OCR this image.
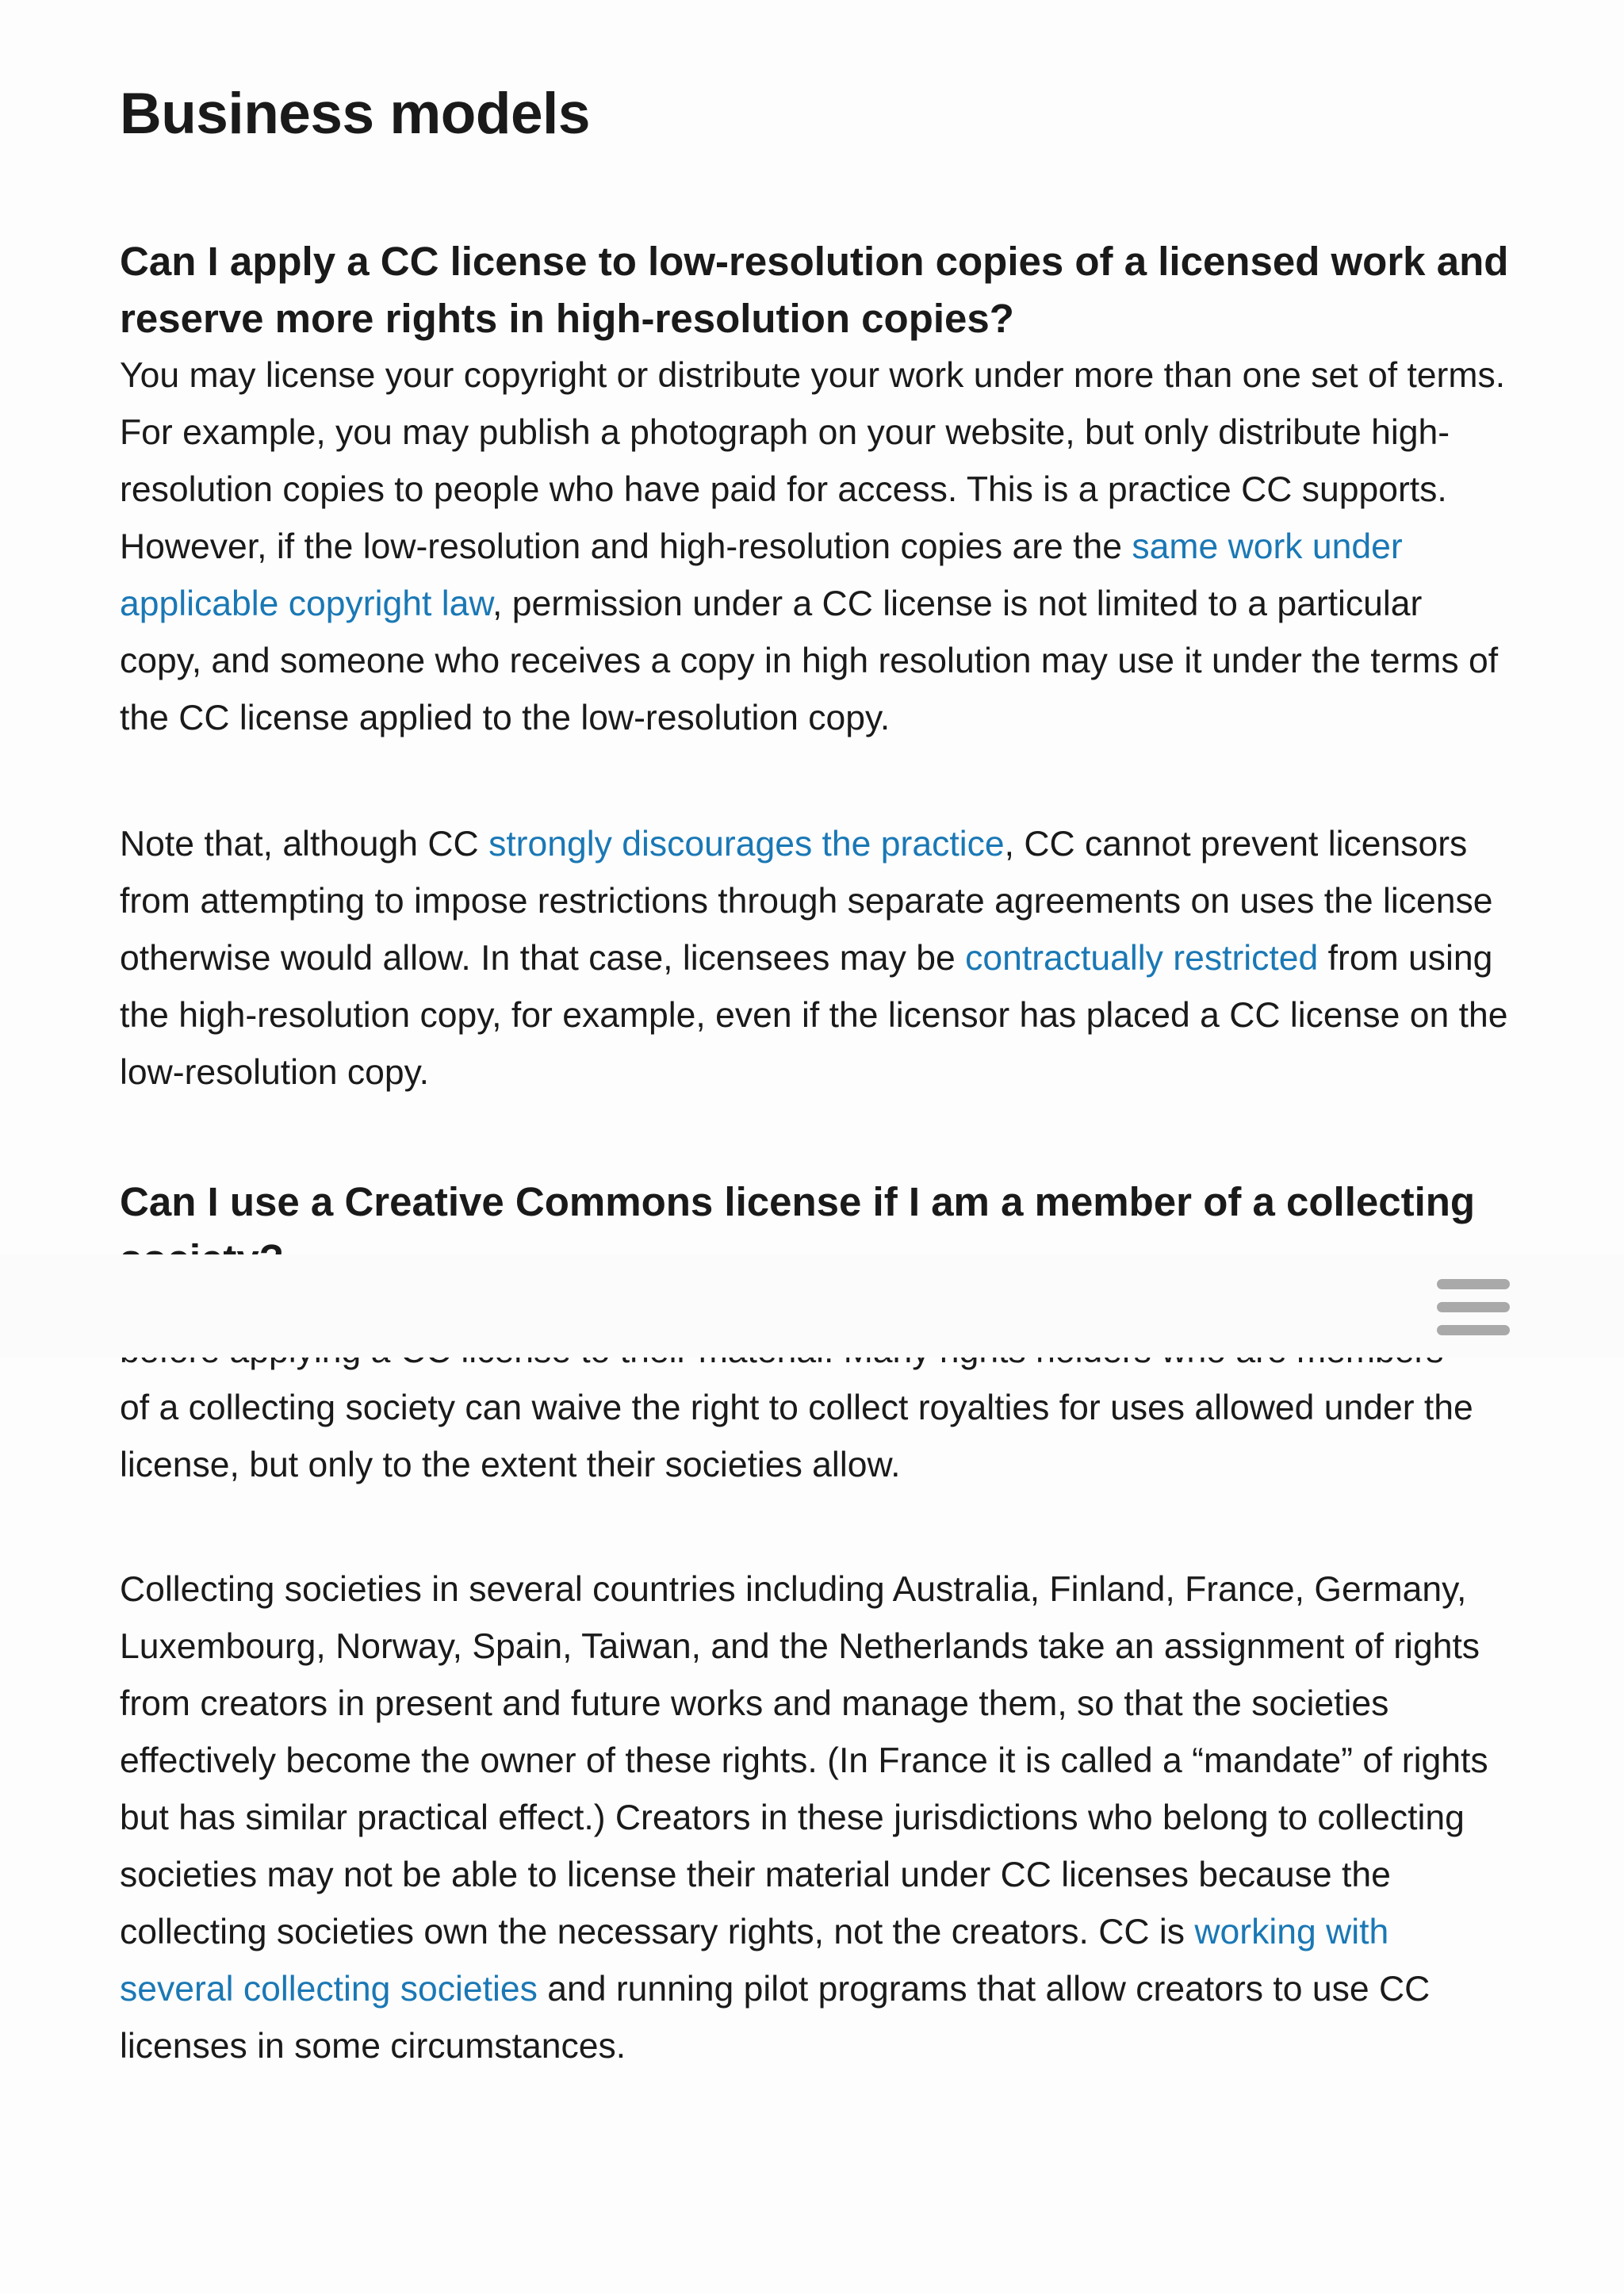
Business models
Can I apply a CC license to low-resolution copies of a licensed work and reserve more rights in high-resolution copies?

You may license your copyright or distribute your work under more than one set of terms. For example, you may publish a photograph on your website, but only distribute high-resolution copies to people who have paid for access. This is a practice CC supports. However, if the low-resolution and high-resolution copies are the same work under applicable copyright law, permission under a CC license is not limited to a particular copy, and someone who receives a copy in high resolution may use it under the terms of the CC license applied to the low-resolution copy.

Note that, although CC strongly discourages the practice, CC cannot prevent licensors from attempting to impose restrictions through separate agreements on uses the license otherwise would allow. In that case, licensees may be contractually restricted from using the high-resolution copy, for example, even if the licensor has placed a CC license on the low-resolution copy.

Can I use a Creative Commons license if I am a member of a collecting

of a collecting society can waive the right to collect royalties for uses allowed under the license, but only to the extent their societies allow.

Collecting societies in several countries including Australia, Finland, France, Germany, Luxembourg, Norway, Spain, Taiwan, and the Netherlands take an assignment of rights from creators in present and future works and manage them, so that the societies effectively become the owner of these rights. (In France it is called a “mandate” of rights but has similar practical effect.) Creators in these jurisdictions who belong to collecting societies may not be able to license their material under CC licenses because the collecting societies own the necessary rights, not the creators. CC is working with several collecting societies and running pilot programs that allow creators to use CC licenses in some circumstances.
